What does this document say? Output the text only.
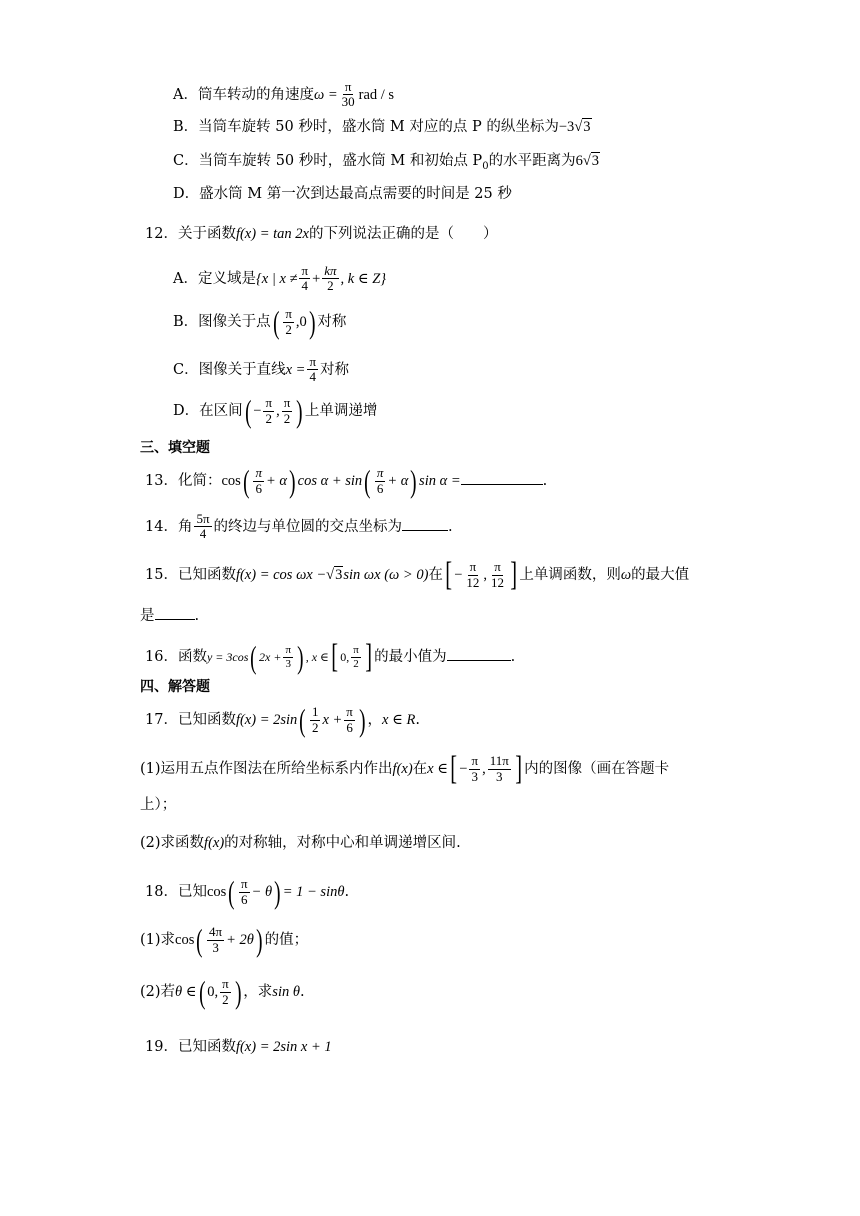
A．筒车转动的角速度$\omega = \frac{\pi}{30}$ rad / s
B．当筒车旋转 50 秒时，盛水筒 M 对应的点 P 的纵坐标为−3√3
C．当筒车旋转 50 秒时，盛水筒 M 和初始点 $P_0$的水平距离为6√3
D．盛水筒 M 第一次到达最高点需要的时间是 25 秒
12．关于函数f(x) = tan 2x的下列说法正确的是（　　）
A．定义域是{x | $x \ne \frac{\pi}{4} + \frac{k\pi}{2}$ , k ∈ Z}
B．图像关于点( $\frac{\pi}{2} ,0$) 对称
C．图像关于直线$x = \frac{\pi}{4}$ 对称
D．在区间( − $\frac{\pi}{2}$ , $\frac{\pi}{2}$ ) 上单调递增
三、填空题
13．化简：$\cos( \frac{\pi}{6} + \alpha)$ $\cos \alpha + \sin( \frac{\pi}{6} + \alpha)$ sin α =	.
14．角 $\frac{5\pi}{4}$ 的终边与单位圆的交点坐标为	.
15．已知函数f(x) = cos ωx −√3sin ωx (ω > 0)在[ − $\frac{\pi}{12}$ , $\frac{\pi}{12}$ ] 上单调函数，则ω的最大值
是	.
16．函数y = 3cos( $2x + \frac{\pi}{3}$ ) , x ∈[ 0, $\frac{\pi}{2}$ ] 的最小值为	.
四、解答题
17．已知函数$f(x) = 2\sin( \frac{1}{2}$ $x + \frac{\pi}{6}$ ) ，x ∈ R.
(1)运用五点作图法在所给坐标系内作出f(x)在x ∈[ − $\frac{\pi}{3}$ , $\frac{11\pi}{3}$ ] 内的图像（画在答题卡
上）；
(2)求函数f(x)的对称轴，对称中心和单调递增区间.
18．已知$\cos( \frac{\pi}{6} - \theta) = 1 - \sin\theta$.
(1)求$\cos( \frac{4\pi}{3} + 2\theta)$ 的值；
(2)若θ ∈( 0, $\frac{\pi}{2}$ ) ，求sin θ.
19．已知函数f(x) = 2sin x + 1
